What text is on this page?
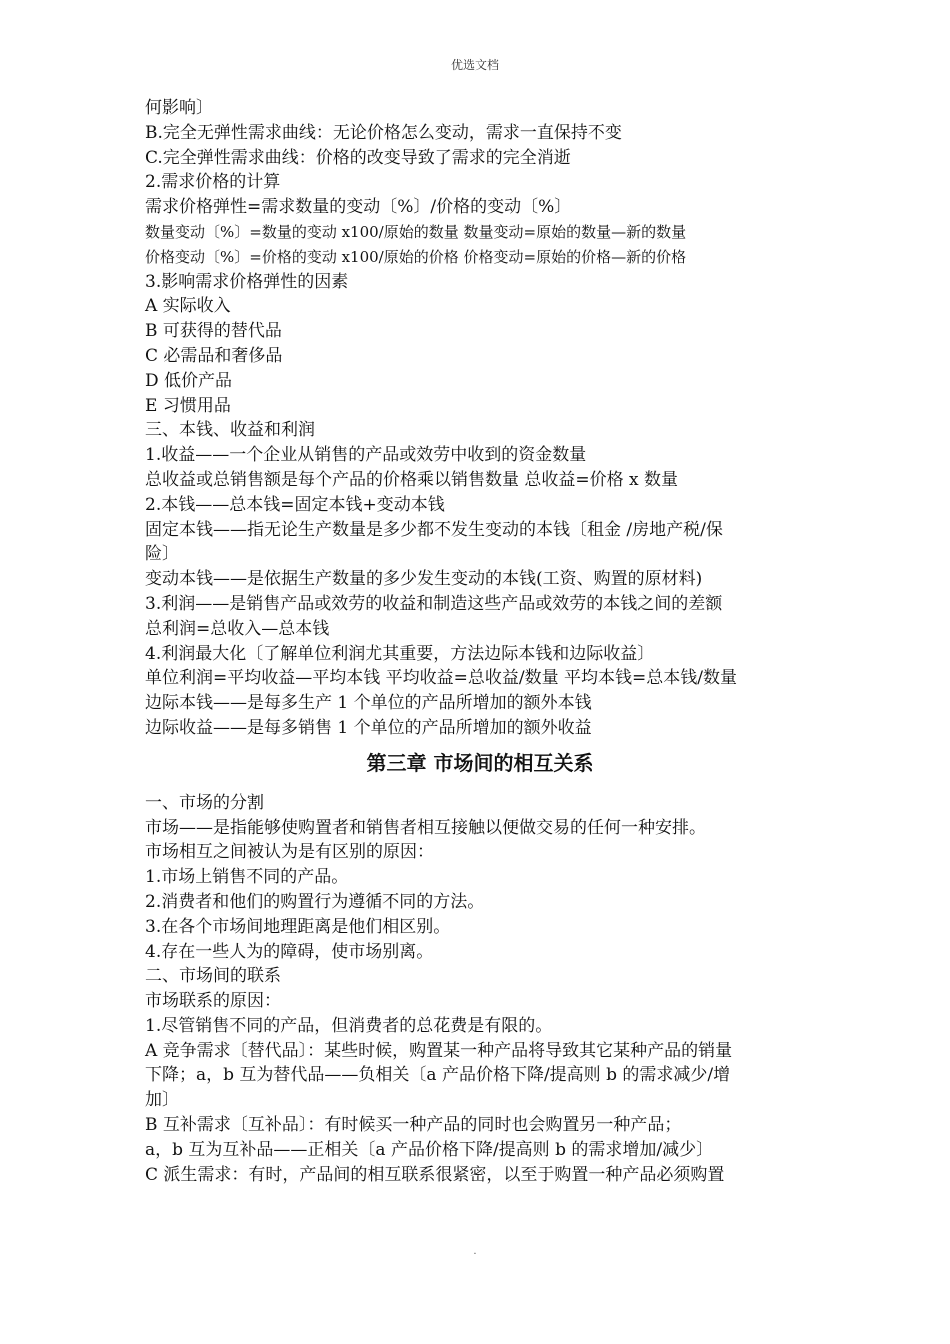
优选文档
何影响〕
B.完全无弹性需求曲线：无论价格怎么变动，需求一直保持不变
C.完全弹性需求曲线：价格的改变导致了需求的完全消逝
2.需求价格的计算
需求价格弹性=需求数量的变动〔%〕/价格的变动〔%〕
数量变动〔%〕=数量的变动 x100/原始的数量 数量变动=原始的数量—新的数量
价格变动〔%〕=价格的变动 x100/原始的价格 价格变动=原始的价格—新的价格
3.影响需求价格弹性的因素
A 实际收入
B 可获得的替代品
C 必需品和奢侈品
D 低价产品
E 习惯用品
三、本钱、收益和利润
1.收益——一个企业从销售的产品或效劳中收到的资金数量
总收益或总销售额是每个产品的价格乘以销售数量 总收益=价格 x 数量
2.本钱——总本钱=固定本钱+变动本钱
固定本钱——指无论生产数量是多少都不发生变动的本钱〔租金 /房地产税/保
险〕
变动本钱——是依据生产数量的多少发生变动的本钱(工资、购置的原材料)
3.利润——是销售产品或效劳的收益和制造这些产品或效劳的本钱之间的差额
总利润=总收入—总本钱
4.利润最大化〔了解单位利润尤其重要，方法边际本钱和边际收益〕
单位利润=平均收益—平均本钱 平均收益=总收益/数量 平均本钱=总本钱/数量
边际本钱——是每多生产 1 个单位的产品所增加的额外本钱
边际收益——是每多销售 1 个单位的产品所增加的额外收益
第三章 市场间的相互关系
一、市场的分割
市场——是指能够使购置者和销售者相互接触以便做交易的任何一种安排。
市场相互之间被认为是有区别的原因：
1.市场上销售不同的产品。
2.消费者和他们的购置行为遵循不同的方法。
3.在各个市场间地理距离是他们相区别。
4.存在一些人为的障碍，使市场别离。
二、市场间的联系
市场联系的原因：
1.尽管销售不同的产品，但消费者的总花费是有限的。
A 竞争需求〔替代品〕：某些时候，购置某一种产品将导致其它某种产品的销量
下降；a，b 互为替代品——负相关〔a 产品价格下降/提高则 b 的需求减少/增
加〕
B 互补需求〔互补品〕：有时候买一种产品的同时也会购置另一种产品；
a，b 互为互补品——正相关〔a 产品价格下降/提高则 b 的需求增加/减少〕
C 派生需求：有时，产品间的相互联系很紧密，以至于购置一种产品必须购置
.
